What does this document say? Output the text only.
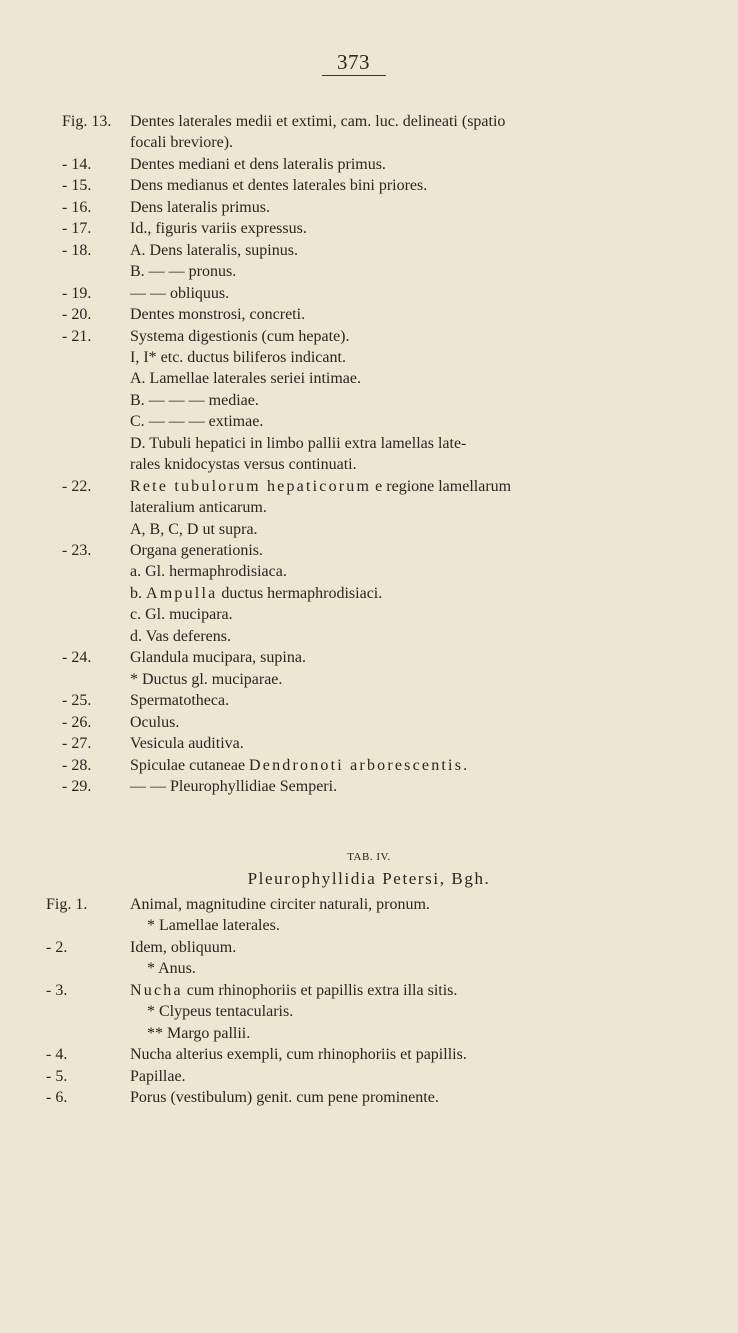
373
Fig. 13. Dentes laterales medii et extimi, cam. luc. delineati (spatio
focali breviore).
- 14. Dentes mediani et dens lateralis primus.
- 15. Dens medianus et dentes laterales bini priores.
- 16. Dens lateralis primus.
- 17. Id., figuris variis expressus.
- 18. A. Dens lateralis, supinus.
B. — — pronus.
- 19. — — obliquus.
- 20. Dentes monstrosi, concreti.
- 21. Systema digestionis (cum hepate).
I, I* etc. ductus biliferos indicant.
A. Lamellae laterales seriei intimae.
B. — — — mediae.
C. — — — extimae.
D. Tubuli hepatici in limbo pallii extra lamellas late-
rales knidocystas versus continuati.
- 22. Rete tubulorum hepaticorum e regione lamellarum
lateralium anticarum.
A, B, C, D ut supra.
- 23. Organa generationis.
a. Gl. hermaphrodisiaca.
b. Ampulla ductus hermaphrodisiaci.
c. Gl. mucipara.
d. Vas deferens.
- 24. Glandula mucipara, supina.
* Ductus gl. muciparae.
- 25. Spermatotheca.
- 26. Oculus.
- 27. Vesicula auditiva.
- 28. Spiculae cutaneae Dendronoti arborescentis.
- 29. — — Pleurophyllidiae Semperi.
TAB. IV.
Pleurophyllidia Petersi, Bgh.
Fig. 1.	Animal, magnitudine circiter naturali, pronum.
* Lamellae laterales.
- 2.	Idem, obliquum.
* Anus.
- 3.	Nucha cum rhinophoriis et papillis extra illa sitis.
* Clypeus tentacularis.
** Margo pallii.
- 4.	Nucha alterius exempli, cum rhinophoriis et papillis.
- 5.	Papillae.
- 6.	Porus (vestibulum) genit. cum pene prominente.
